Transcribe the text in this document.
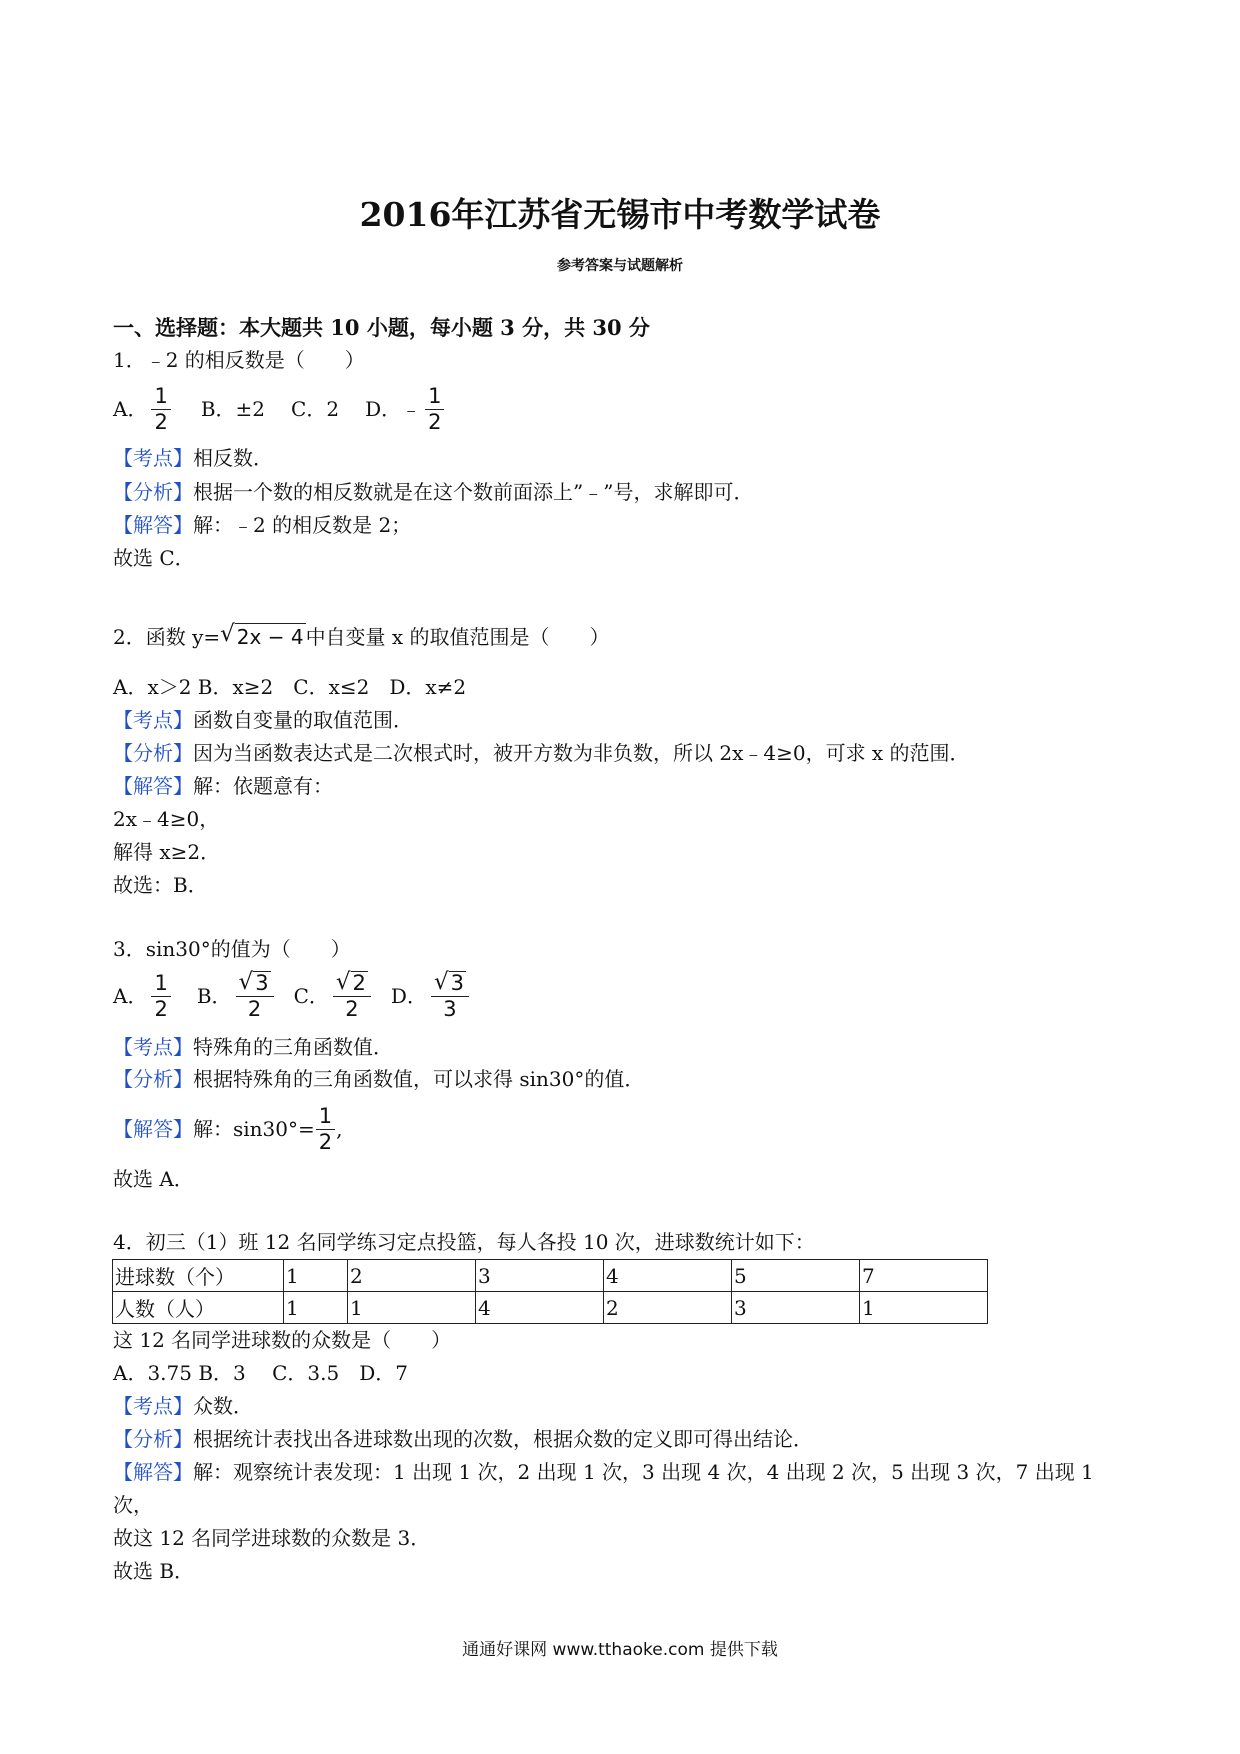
2016年江苏省无锡市中考数学试卷

参考答案与试题解析

一、选择题：本大题共 10 小题，每小题 3 分，共 30 分

1．﹣2 的相反数是（　　）

A． $\frac{1}{2}$ B． ±2 C． 2 D． ﹣ $\frac{1}{2}$

【考点】相反数．

【分析】根据一个数的相反数就是在这个数前面添上”﹣”号，求解即可．

【解答】解：﹣2 的相反数是 2；

故选 C．

2．函数 y= √ 2x − 4 中自变量 x 的取值范围是（　　）

A．x＞2 B．x≥2　C．x≤2　D．x≠2

【考点】函数自变量的取值范围．

【分析】因为当函数表达式是二次根式时，被开方数为非负数，所以 2x﹣4≥0，可求 x 的范围．

【解答】解：依题意有：

2x﹣4≥0，

解得 x≥2．

故选：B．

3．sin30°的值为（　　）

A． $\frac{1}{2}$ B． $\frac{√ 3}{2}$ C． $\frac{√ 2}{2}$ D． $\frac{√ 3}{3}$

【考点】特殊角的三角函数值．

【分析】根据特殊角的三角函数值，可以求得 sin30°的值．

【解答】 解：$\sin 30^\circ= \frac{1}{2}$ ,

故选 A．

4．初三（1）班 12 名同学练习定点投篮，每人各投 10 次，进球数统计如下：

进球数（个）	1	2	3	4	5	7
人数（人）	1	1	4	2	3	1

这 12 名同学进球数的众数是（　　）

A．3.75 B．3　 C．3.5　D．7

【考点】众数．

【分析】根据统计表找出各进球数出现的次数，根据众数的定义即可得出结论．

【解答】解：观察统计表发现：1 出现 1 次，2 出现 1 次，3 出现 4 次，4 出现 2 次，5 出现 3 次，7 出现 1

次，

故这 12 名同学进球数的众数是 3．

故选 B．

通通好课网 www.tthaoke.com 提供下载
